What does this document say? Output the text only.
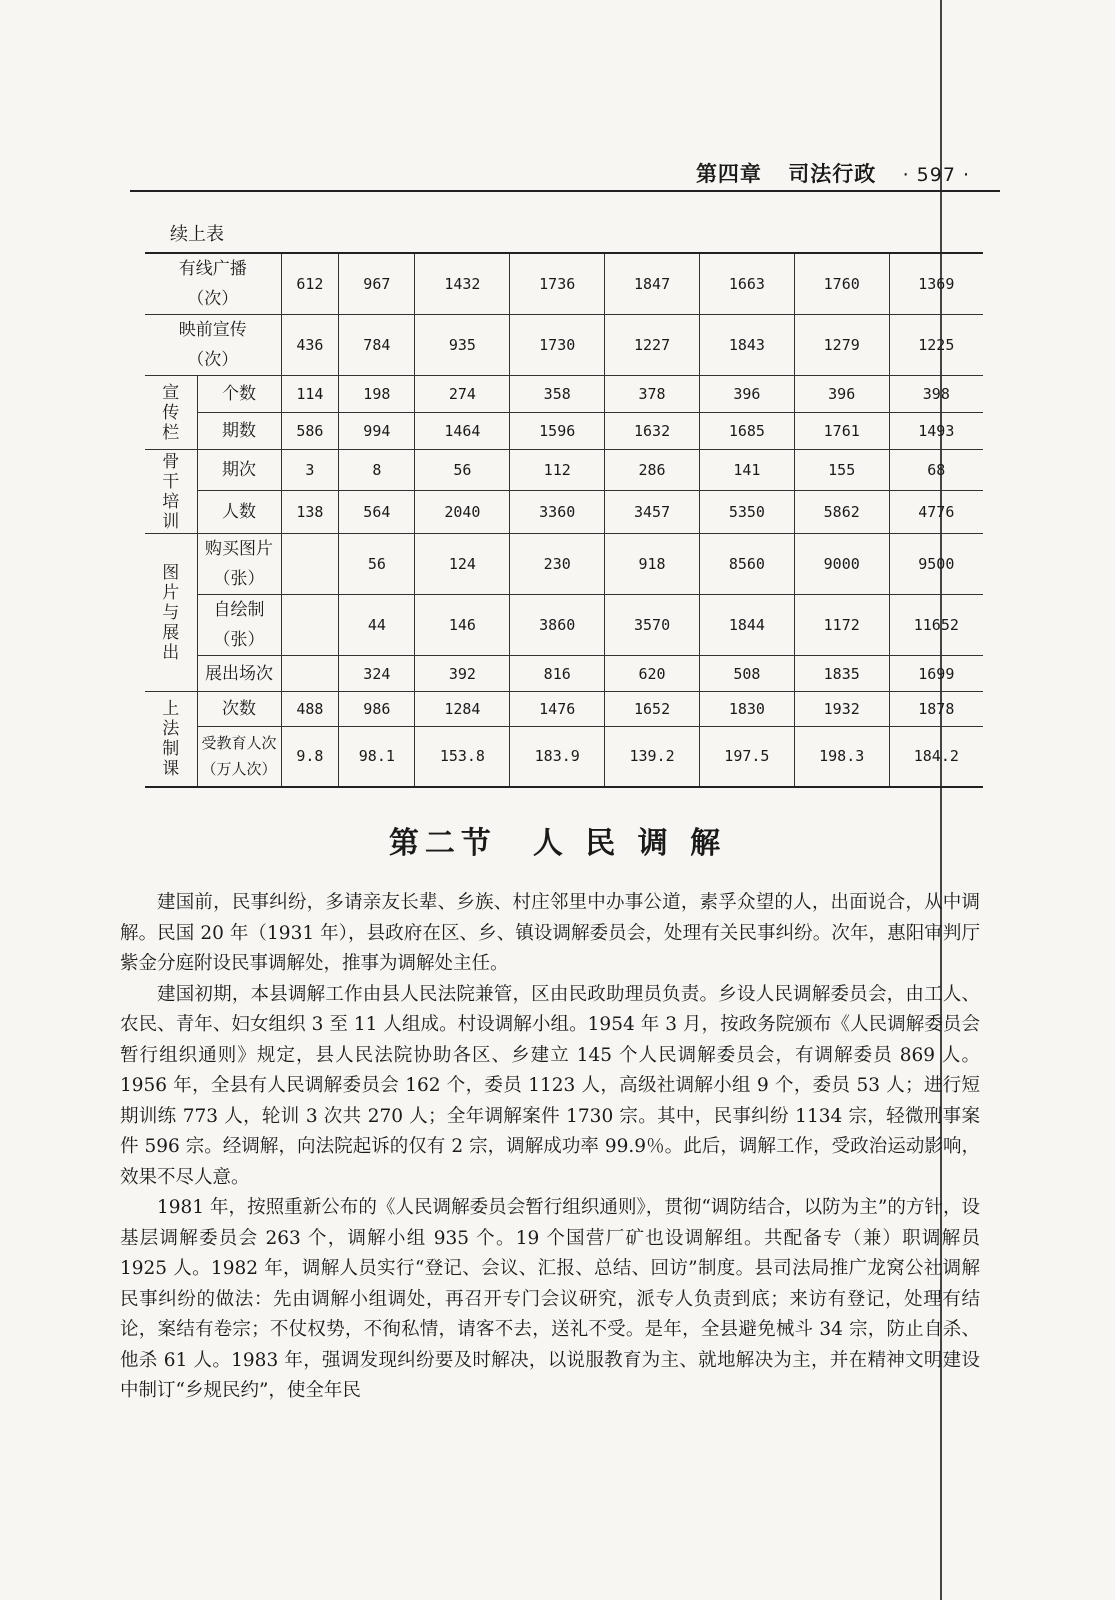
第四章 司法行政 · 597 ·
续上表
有线广播
（次）		612	967	1432	1736	1847	1663	1760	1369
映前宣传
（次）		436	784	935	1730	1227	1843	1279	1225

宣
传
栏	个数	114	198	274	358	378	396	396	398
	期数	586	994	1464	1596	1632	1685	1761	1493

骨
干
培
训	期次	3	8	56	112	286	141	155	68
	人数	138	564	2040	3360	3457	5350	5862	4776

图
片
与
展
出	购买图片
（张）		56	124	230	918	8560	9000	9500
	自绘制
（张）		44	146	3860	3570	1844	1172	11652
	展出场次		324	392	816	620	508	1835	1699

上
法
制
课	次数	488	986	1284	1476	1652	1830	1932	1878
	受教育人次
（万人次）	9.8	98.1	153.8	183.9	139.2	197.5	198.3	184.2
第二节　人 民 调 解

建国前，民事纠纷，多请亲友长辈、乡族、村庄邻里中办事公道，素孚众望的人，出面说合，从中调解。民国 20 年（1931 年），县政府在区、乡、镇设调解委员会，处理有关民事纠纷。次年，惠阳审判厅紫金分庭附设民事调解处，推事为调解处主任。

建国初期，本县调解工作由县人民法院兼管，区由民政助理员负责。乡设人民调解委员会，由工人、农民、青年、妇女组织 3 至 11 人组成。村设调解小组。1954 年 3 月，按政务院颁布《人民调解委员会暂行组织通则》规定，县人民法院协助各区、乡建立 145 个人民调解委员会，有调解委员 869 人。1956 年，全县有人民调解委员会 162 个，委员 1123 人，高级社调解小组 9 个，委员 53 人；进行短期训练 773 人，轮训 3 次共 270 人；全年调解案件 1730 宗。其中，民事纠纷 1134 宗，轻微刑事案件 596 宗。经调解，向法院起诉的仅有 2 宗，调解成功率 99.9％。此后，调解工作，受政治运动影响，效果不尽人意。

1981 年，按照重新公布的《人民调解委员会暂行组织通则》，贯彻“调防结合，以防为主”的方针，设基层调解委员会 263 个，调解小组 935 个。19 个国营厂矿也设调解组。共配备专（兼）职调解员 1925 人。1982 年，调解人员实行“登记、会议、汇报、总结、回访”制度。县司法局推广龙窝公社调解民事纠纷的做法：先由调解小组调处，再召开专门会议研究，派专人负责到底；来访有登记，处理有结论，案结有卷宗；不仗权势，不徇私情，请客不去，送礼不受。是年，全县避免械斗 34 宗，防止自杀、他杀 61 人。1983 年，强调发现纠纷要及时解决，以说服教育为主、就地解决为主，并在精神文明建设中制订“乡规民约”，使全年民
